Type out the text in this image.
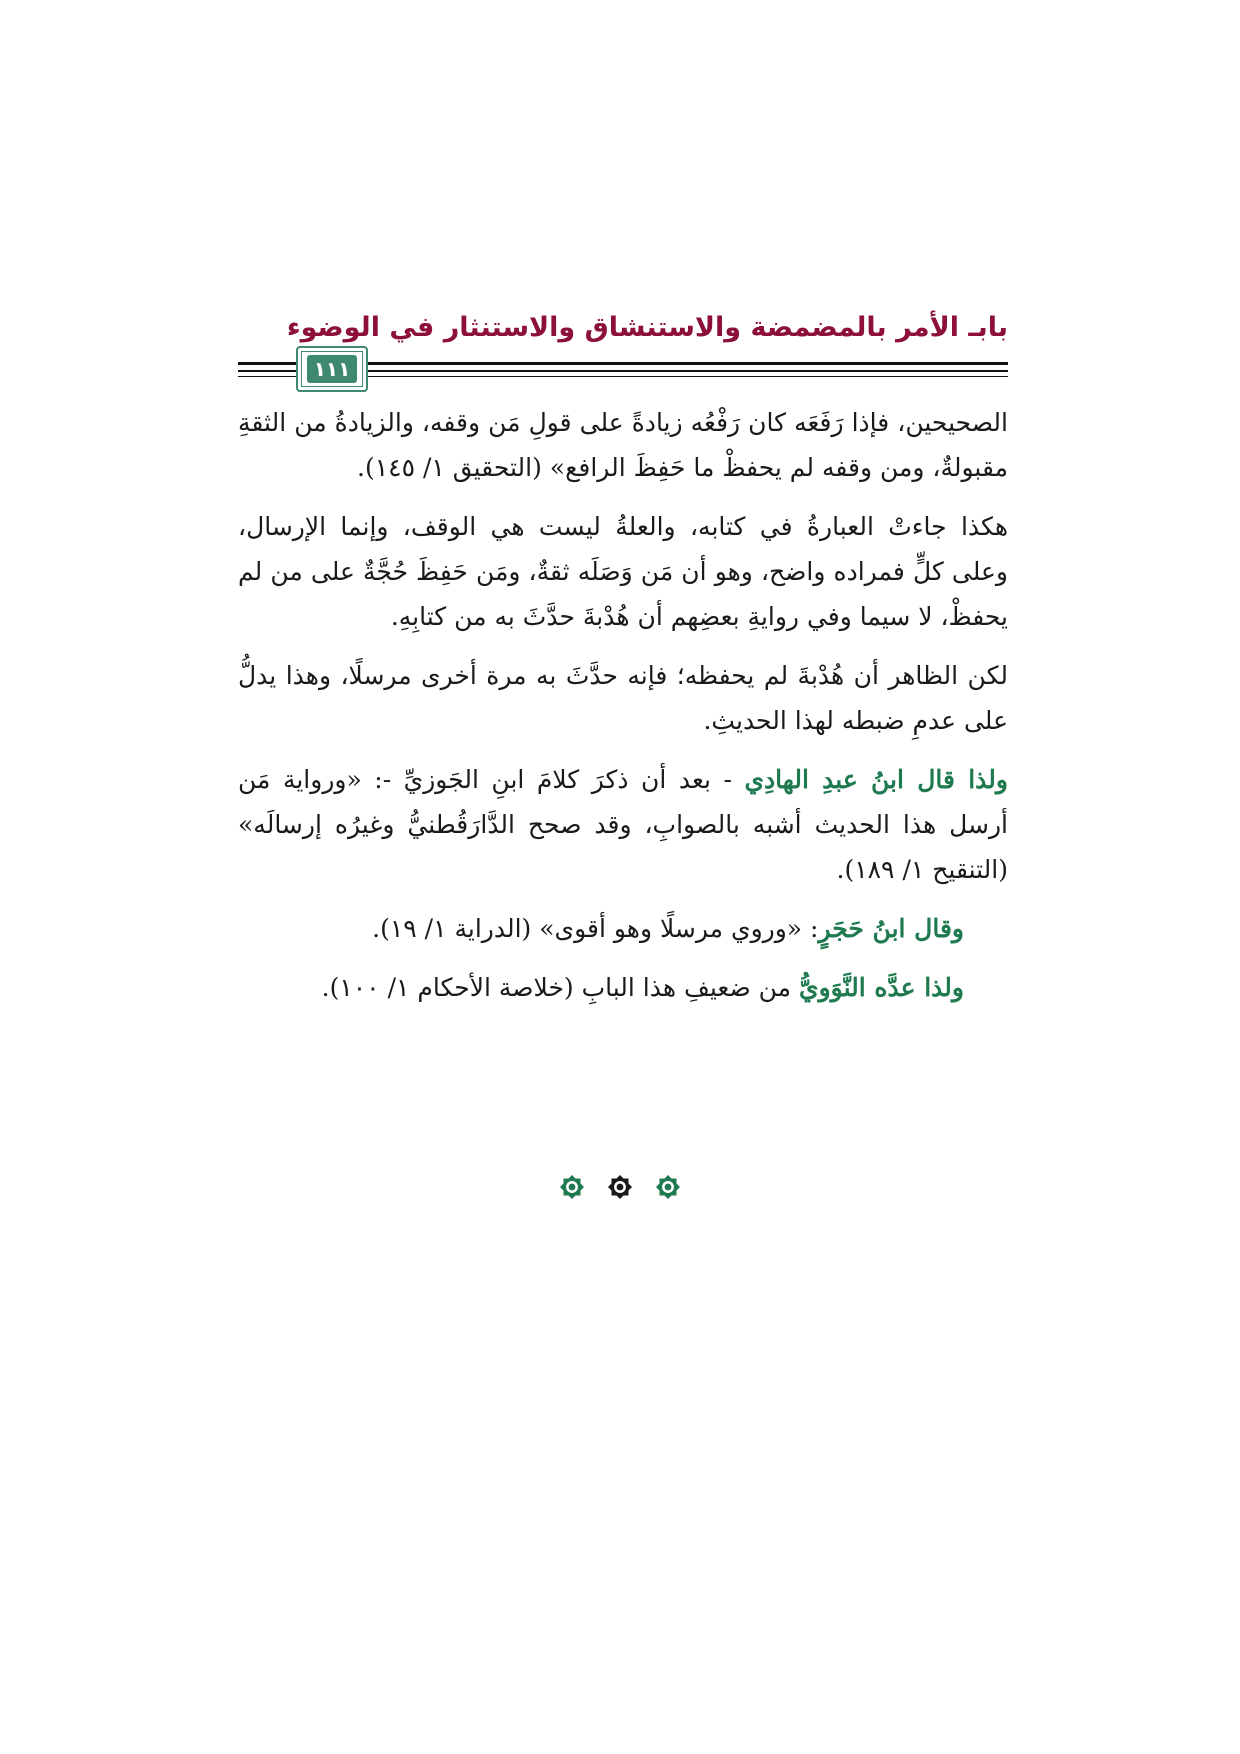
بابـ الأمر بالمضمضة والاستنشاق والاستنثار في الوضوء
١١١

الصحيحين، فإذا رَفَعَه كان رَفْعُه زيادةً على قولِ مَن وقفه، والزيادةُ من الثقةِ مقبولةٌ، ومن وقفه لم يحفظْ ما حَفِظَ الرافع» (التحقيق ١/ ١٤٥).

هكذا جاءتْ العبارةُ في كتابه، والعلةُ ليست هي الوقف، وإنما الإرسال، وعلى كلٍّ فمراده واضح، وهو أن مَن وَصَلَه ثقةٌ، ومَن حَفِظَ حُجَّةٌ على من لم يحفظْ، لا سيما وفي روايةِ بعضِهم أن هُدْبةَ حدَّثَ به من كتابِهِ.

لكن الظاهر أن هُدْبةَ لم يحفظه؛ فإنه حدَّثَ به مرة أخرى مرسلًا، وهذا يدلُّ على عدمِ ضبطه لهذا الحديثِ.

ولذا قال ابنُ عبدِ الهادِي - بعد أن ذكرَ كلامَ ابنِ الجَوزيِّ -: «ورواية مَن أرسل هذا الحديث أشبه بالصوابِ، وقد صحح الدَّارَقُطنيُّ وغيرُه إرسالَه» (التنقيح ١/ ١٨٩).

وقال ابنُ حَجَرٍ: «وروي مرسلًا وهو أقوى» (الدراية ١/ ١٩).

ولذا عدَّه النَّوَويُّ من ضعيفِ هذا البابِ (خلاصة الأحكام ١/ ١٠٠).
